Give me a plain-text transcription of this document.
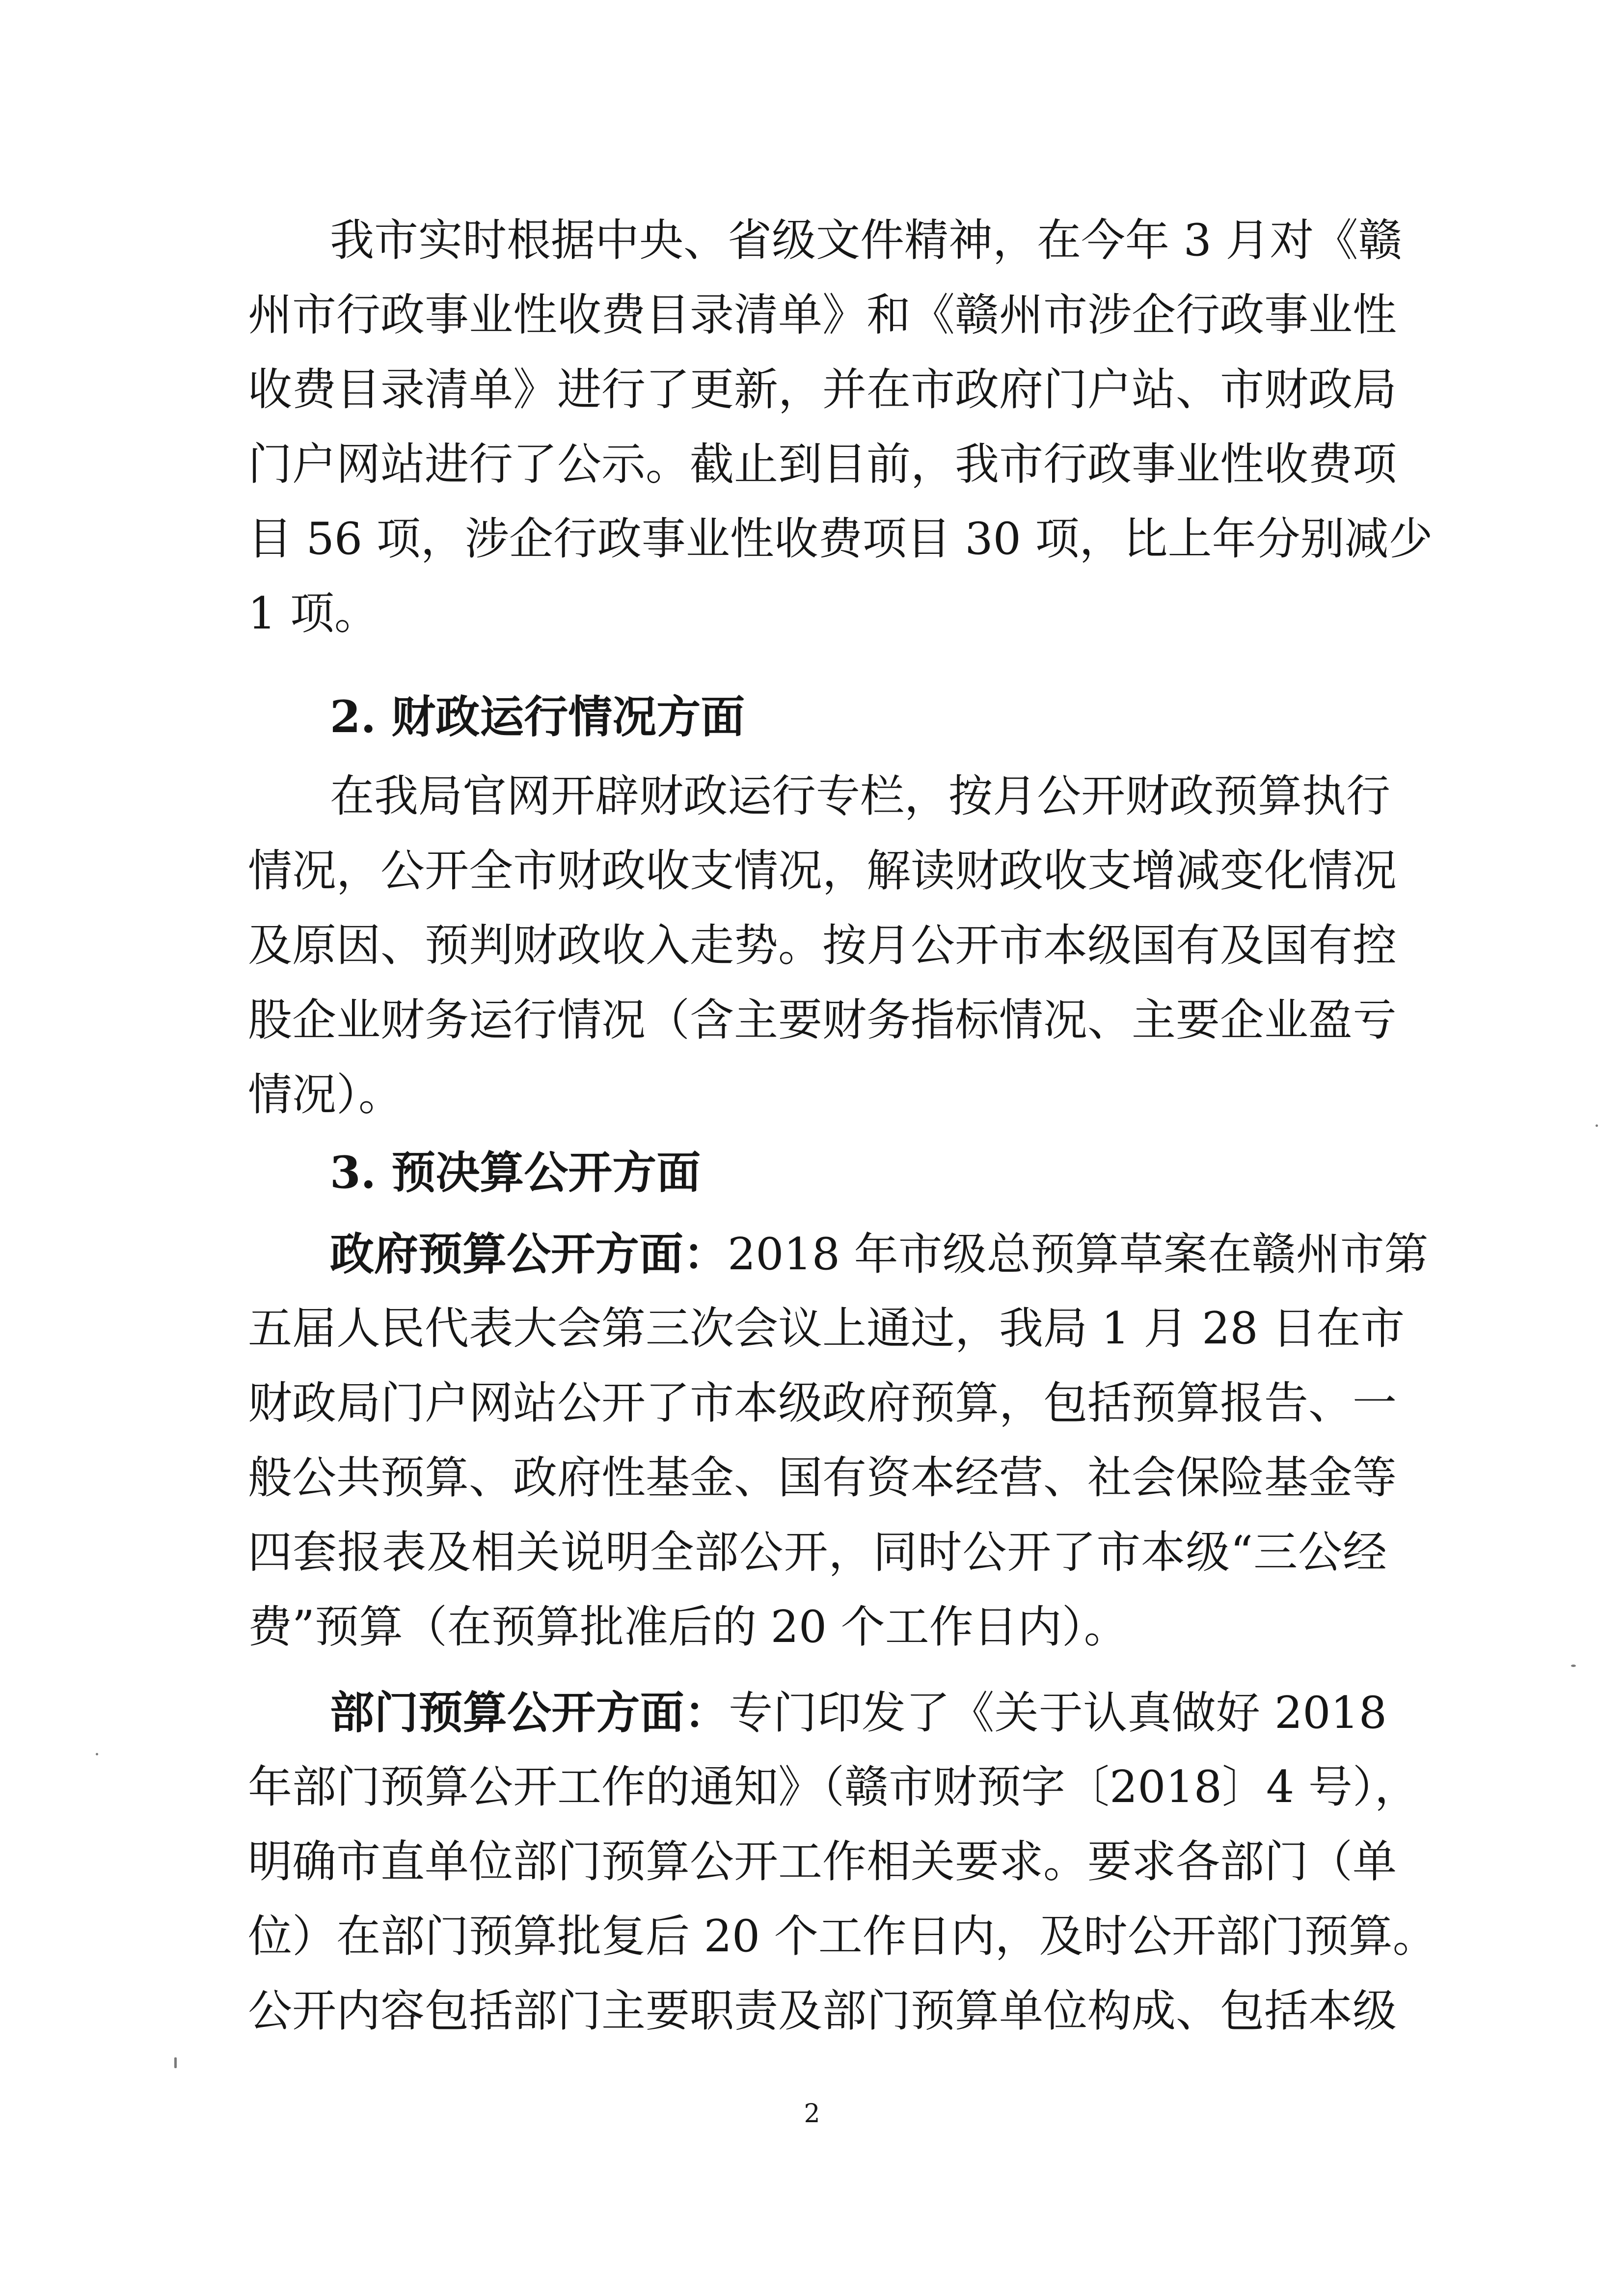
我市实时根据中央、省级文件精神，在今年 3 月对《赣
州市行政事业性收费目录清单》和《赣州市涉企行政事业性
收费目录清单》进行了更新，并在市政府门户站、市财政局
门户网站进行了公示。截止到目前，我市行政事业性收费项
目 56 项，涉企行政事业性收费项目 30 项，比上年分别减少
1 项。
2. 财政运行情况方面
在我局官网开辟财政运行专栏，按月公开财政预算执行
情况，公开全市财政收支情况，解读财政收支增减变化情况
及原因、预判财政收入走势。按月公开市本级国有及国有控
股企业财务运行情况（含主要财务指标情况、主要企业盈亏
情况）。
3. 预决算公开方面
政府预算公开方面：2018 年市级总预算草案在赣州市第
五届人民代表大会第三次会议上通过，我局 1 月 28 日在市
财政局门户网站公开了市本级政府预算，包括预算报告、一
般公共预算、政府性基金、国有资本经营、社会保险基金等
四套报表及相关说明全部公开，同时公开了市本级“三公经
费”预算（在预算批准后的 20 个工作日内）。
部门预算公开方面：专门印发了《关于认真做好 2018
年部门预算公开工作的通知》（赣市财预字〔2018〕4 号），
明确市直单位部门预算公开工作相关要求。要求各部门（单
位）在部门预算批复后 20 个工作日内，及时公开部门预算。
公开内容包括部门主要职责及部门预算单位构成、包括本级
2
